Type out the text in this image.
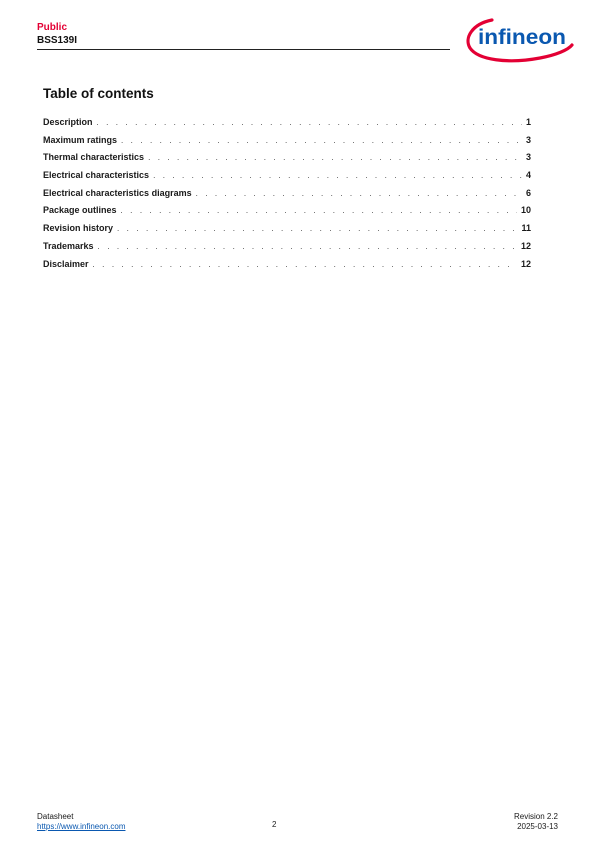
Public
BSS139I	infineon
Table of contents
Description . . .	1
Maximum ratings . . .	3
Thermal characteristics . . .	3
Electrical characteristics . . .	4
Electrical characteristics diagrams . . .	6
Package outlines . . .	10
Revision history . . .	11
Trademarks . . .	12
Disclaimer . . .	12
Datasheet
https://www.infineon.com	2
Revision 2.2
2025-03-13
